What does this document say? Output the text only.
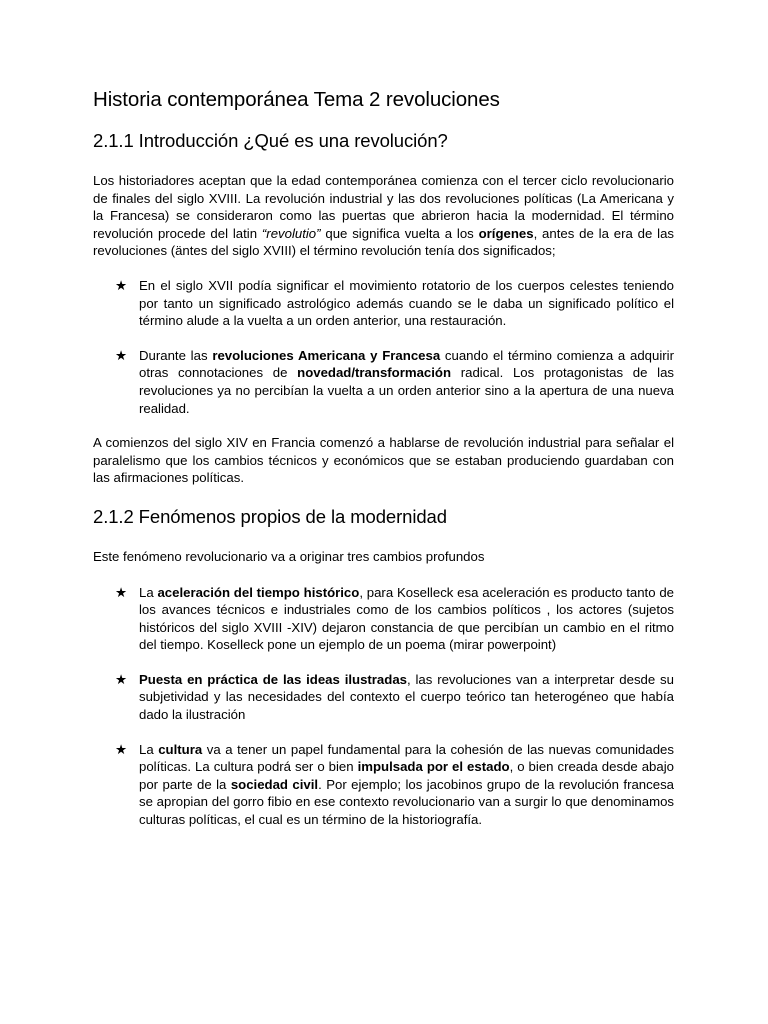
Historia contemporánea Tema 2 revoluciones
2.1.1 Introducción ¿Qué es una revolución?
Los historiadores aceptan que la edad contemporánea comienza con el tercer ciclo revolucionario de finales del siglo XVIII. La revolución industrial y las dos revoluciones políticas (La Americana y la Francesa) se consideraron como las puertas que abrieron hacia la modernidad. El término revolución procede del latin “revolutio” que significa vuelta a los orígenes, antes de la era de las revoluciones (äntes del siglo XVIII) el término revolución tenía dos significados;
★ En el siglo XVII podía significar el movimiento rotatorio de los cuerpos celestes teniendo por tanto un significado astrológico además cuando se le daba un significado político el término alude a la vuelta a un orden anterior, una restauración.
★ Durante las revoluciones Americana y Francesa cuando el término comienza a adquirir otras connotaciones de novedad/transformación radical. Los protagonistas de las revoluciones ya no percibían la vuelta a un orden anterior sino a la apertura de una nueva realidad.
A comienzos del siglo XIV en Francia comenzó a hablarse de revolución industrial para señalar el paralelismo que los cambios técnicos y económicos que se estaban produciendo guardaban con las afirmaciones políticas.
2.1.2 Fenómenos propios de la modernidad
Este fenómeno revolucionario va a originar tres cambios profundos
★ La aceleración del tiempo histórico, para Koselleck esa aceleración es producto tanto de los avances técnicos e industriales como de los cambios políticos , los actores (sujetos históricos del siglo XVIII -XIV) dejaron constancia de que percibían un cambio en el ritmo del tiempo. Koselleck pone un ejemplo de un poema (mirar powerpoint)
★ Puesta en práctica de las ideas ilustradas, las revoluciones van a interpretar desde su subjetividad y las necesidades del contexto el cuerpo teórico tan heterogéneo que había dado la ilustración
★ La cultura va a tener un papel fundamental para la cohesión de las nuevas comunidades políticas. La cultura podrá ser o bien impulsada por el estado, o bien creada desde abajo por parte de la sociedad civil. Por ejemplo; los jacobinos grupo de la revolución francesa se apropian del gorro fibio en ese contexto revolucionario van a surgir lo que denominamos culturas políticas, el cual es un término de la historiografía.
